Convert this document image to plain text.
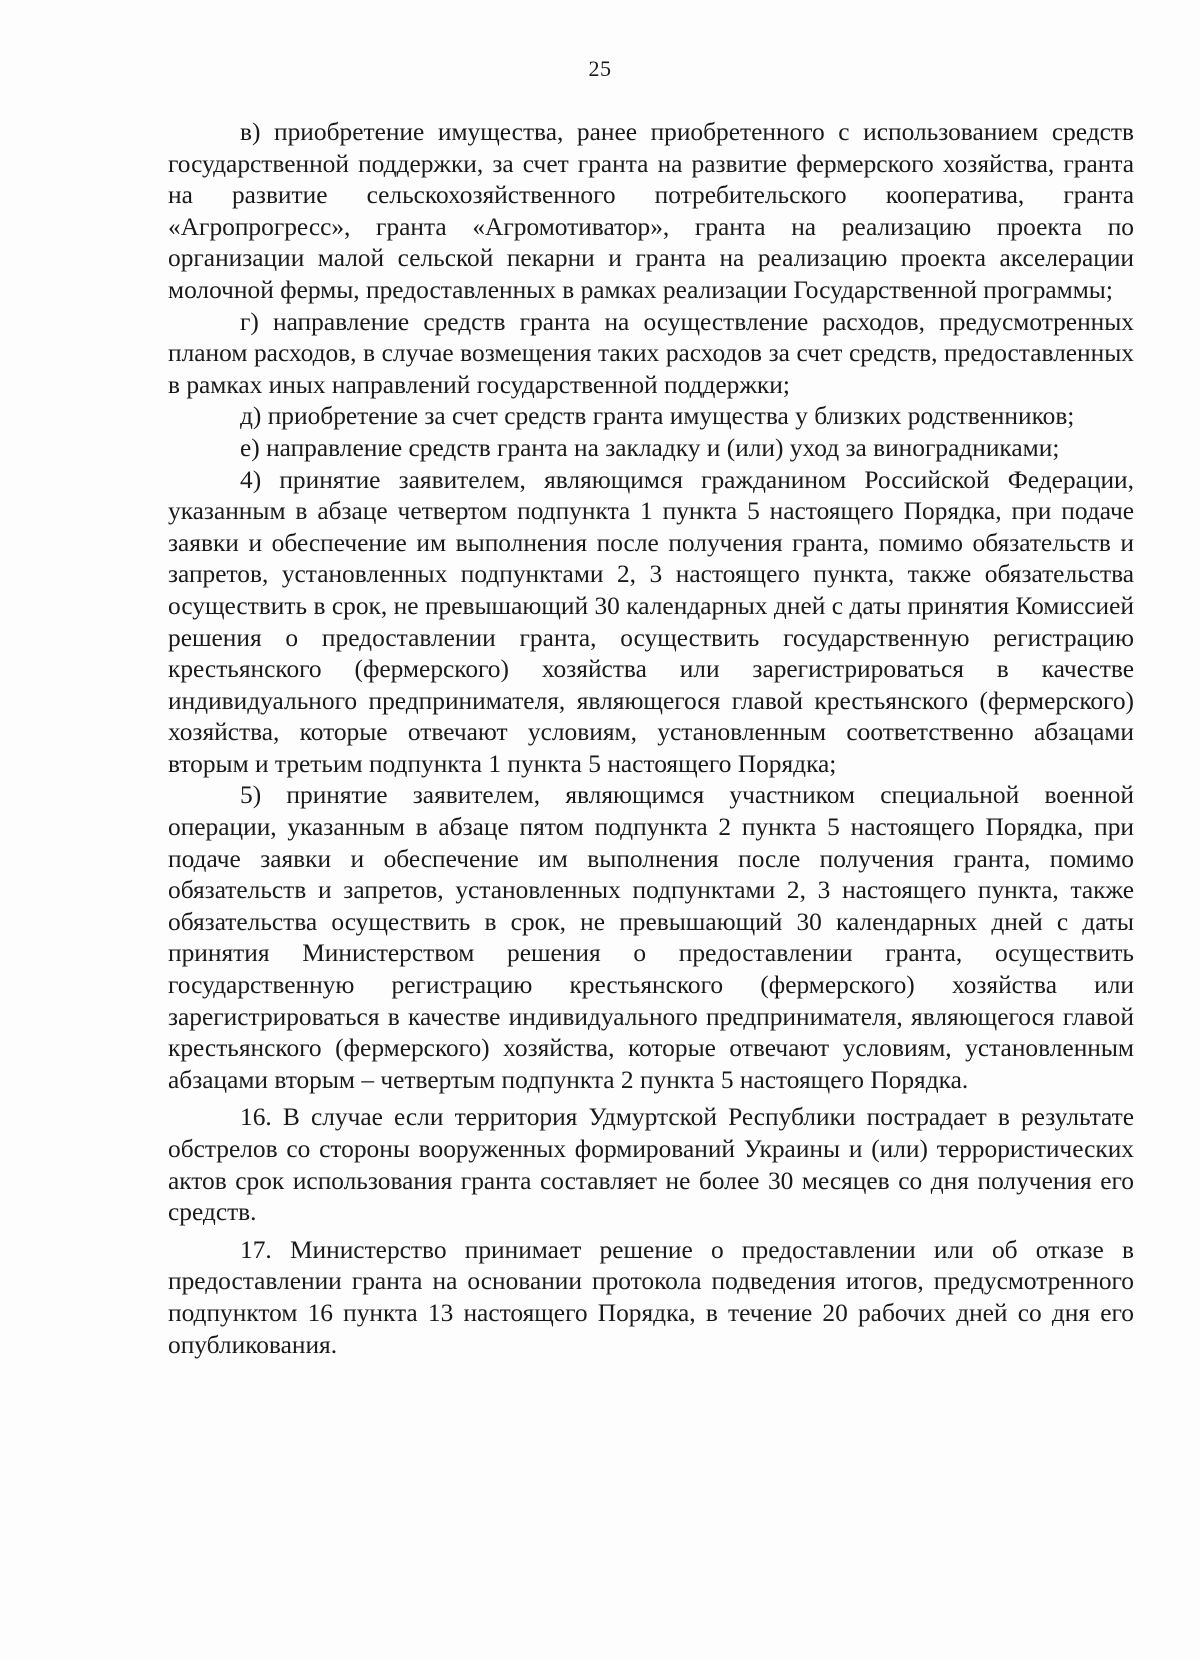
25

в) приобретение имущества, ранее приобретенного с использованием средств государственной поддержки, за счет гранта на развитие фермерского хозяйства, гранта на развитие сельскохозяйственного потребительского кооператива, гранта «Агропрогресс», гранта «Агромотиватор», гранта на реализацию проекта по организации малой сельской пекарни и гранта на реализацию проекта акселерации молочной фермы, предоставленных в рамках реализации Государственной программы;

г) направление средств гранта на осуществление расходов, предусмотренных планом расходов, в случае возмещения таких расходов за счет средств, предоставленных в рамках иных направлений государственной поддержки;

д) приобретение за счет средств гранта имущества у близких родственников;

е) направление средств гранта на закладку и (или) уход за виноградниками;

4) принятие заявителем, являющимся гражданином Российской Федерации, указанным в абзаце четвертом подпункта 1 пункта 5 настоящего Порядка, при подаче заявки и обеспечение им выполнения после получения гранта, помимо обязательств и запретов, установленных подпунктами 2, 3 настоящего пункта, также обязательства осуществить в срок, не превышающий 30 календарных дней с даты принятия Комиссией решения о предоставлении гранта, осуществить государственную регистрацию крестьянского (фермерского) хозяйства или зарегистрироваться в качестве индивидуального предпринимателя, являющегося главой крестьянского (фермерского) хозяйства, которые отвечают условиям, установленным соответственно абзацами вторым и третьим подпункта 1 пункта 5 настоящего Порядка;

5) принятие заявителем, являющимся участником специальной военной операции, указанным в абзаце пятом подпункта 2 пункта 5 настоящего Порядка, при подаче заявки и обеспечение им выполнения после получения гранта, помимо обязательств и запретов, установленных подпунктами 2, 3 настоящего пункта, также обязательства осуществить в срок, не превышающий 30 календарных дней с даты принятия Министерством решения о предоставлении гранта, осуществить государственную регистрацию крестьянского (фермерского) хозяйства или зарегистрироваться в качестве индивидуального предпринимателя, являющегося главой крестьянского (фермерского) хозяйства, которые отвечают условиям, установленным абзацами вторым – четвертым подпункта 2 пункта 5 настоящего Порядка.

16. В случае если территория Удмуртской Республики пострадает в результате обстрелов со стороны вооруженных формирований Украины и (или) террористических актов срок использования гранта составляет не более 30 месяцев со дня получения его средств.

17. Министерство принимает решение о предоставлении или об отказе в предоставлении гранта на основании протокола подведения итогов, предусмотренного подпунктом 16 пункта 13 настоящего Порядка, в течение 20 рабочих дней со дня его опубликования.
